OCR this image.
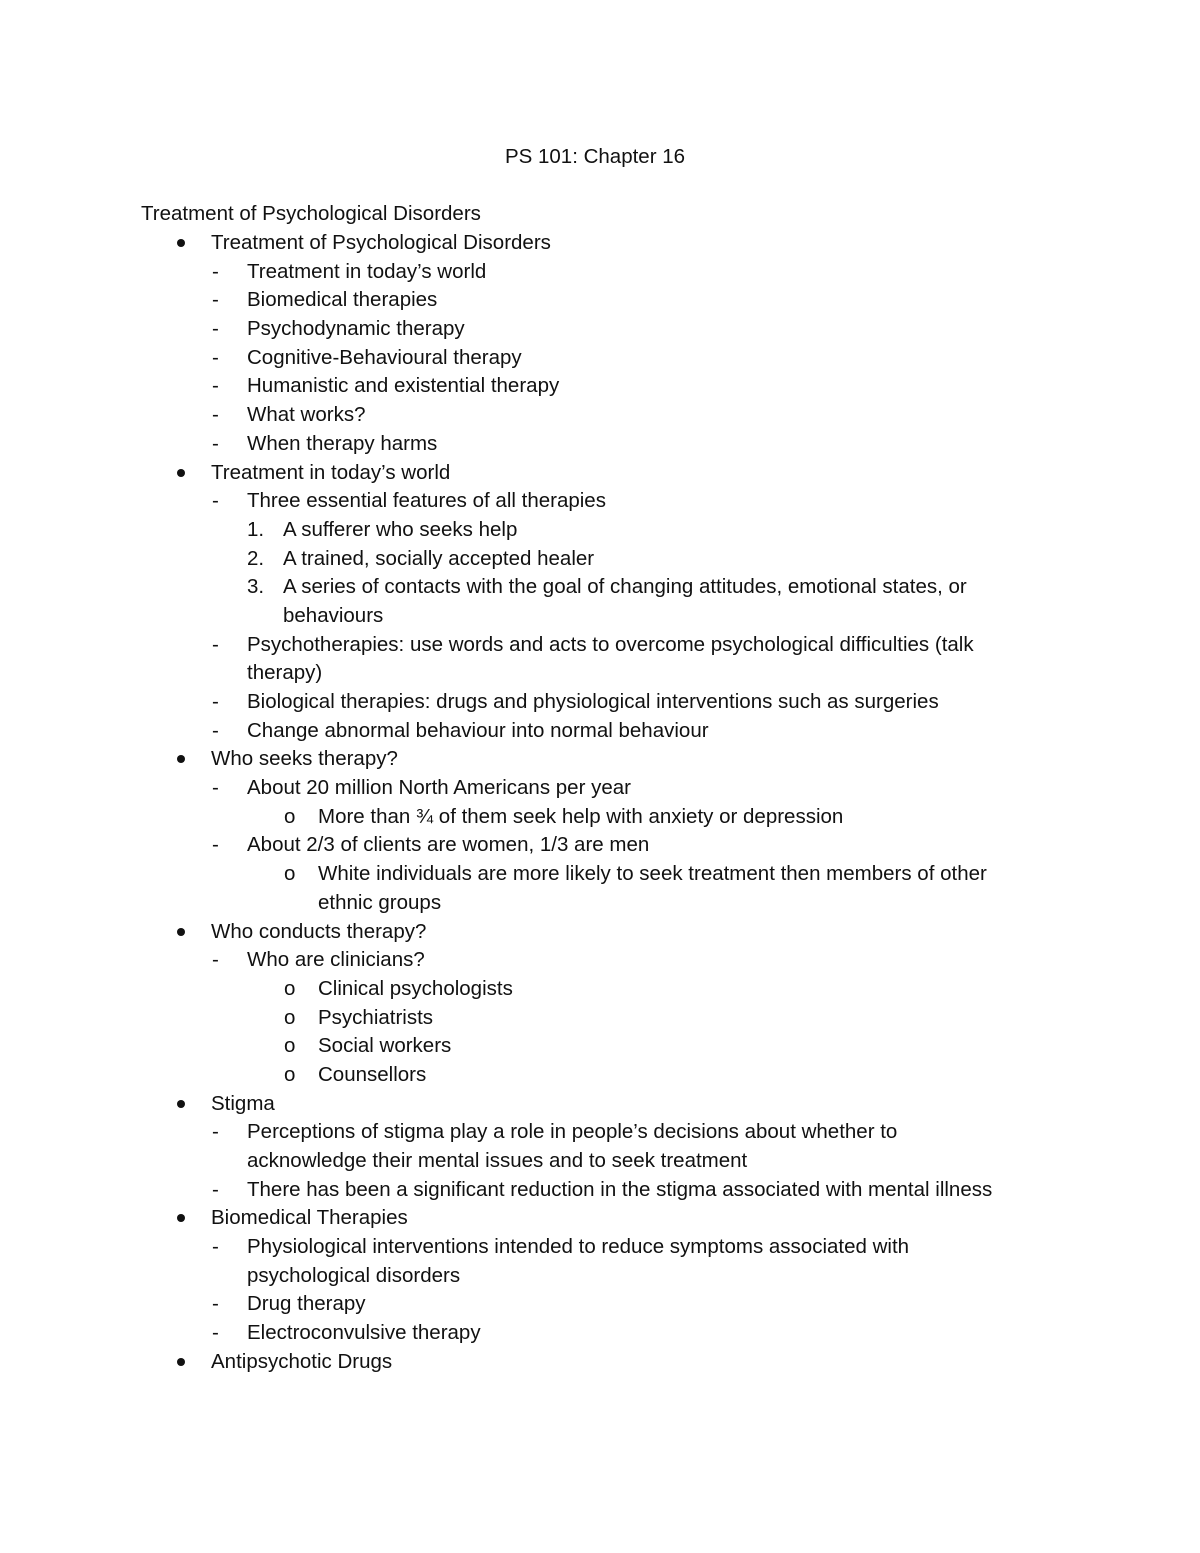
PS 101: Chapter 16
Treatment of Psychological Disorders
Treatment of Psychological Disorders
- Treatment in today’s world
- Biomedical therapies
- Psychodynamic therapy
- Cognitive-Behavioural therapy
- Humanistic and existential therapy
- What works?
- When therapy harms
Treatment in today’s world
- Three essential features of all therapies
1. A sufferer who seeks help
2. A trained, socially accepted healer
3. A series of contacts with the goal of changing attitudes, emotional states, or
behaviours
- Psychotherapies: use words and acts to overcome psychological difficulties (talk
therapy)
- Biological therapies: drugs and physiological interventions such as surgeries
- Change abnormal behaviour into normal behaviour
Who seeks therapy?
- About 20 million North Americans per year
o More than ¾ of them seek help with anxiety or depression
- About 2/3 of clients are women, 1/3 are men
o White individuals are more likely to seek treatment then members of other
ethnic groups
Who conducts therapy?
- Who are clinicians?
o Clinical psychologists
o Psychiatrists
o Social workers
o Counsellors
Stigma
- Perceptions of stigma play a role in people’s decisions about whether to
acknowledge their mental issues and to seek treatment
- There has been a significant reduction in the stigma associated with mental illness
Biomedical Therapies
- Physiological interventions intended to reduce symptoms associated with
psychological disorders
- Drug therapy
- Electroconvulsive therapy
Antipsychotic Drugs
